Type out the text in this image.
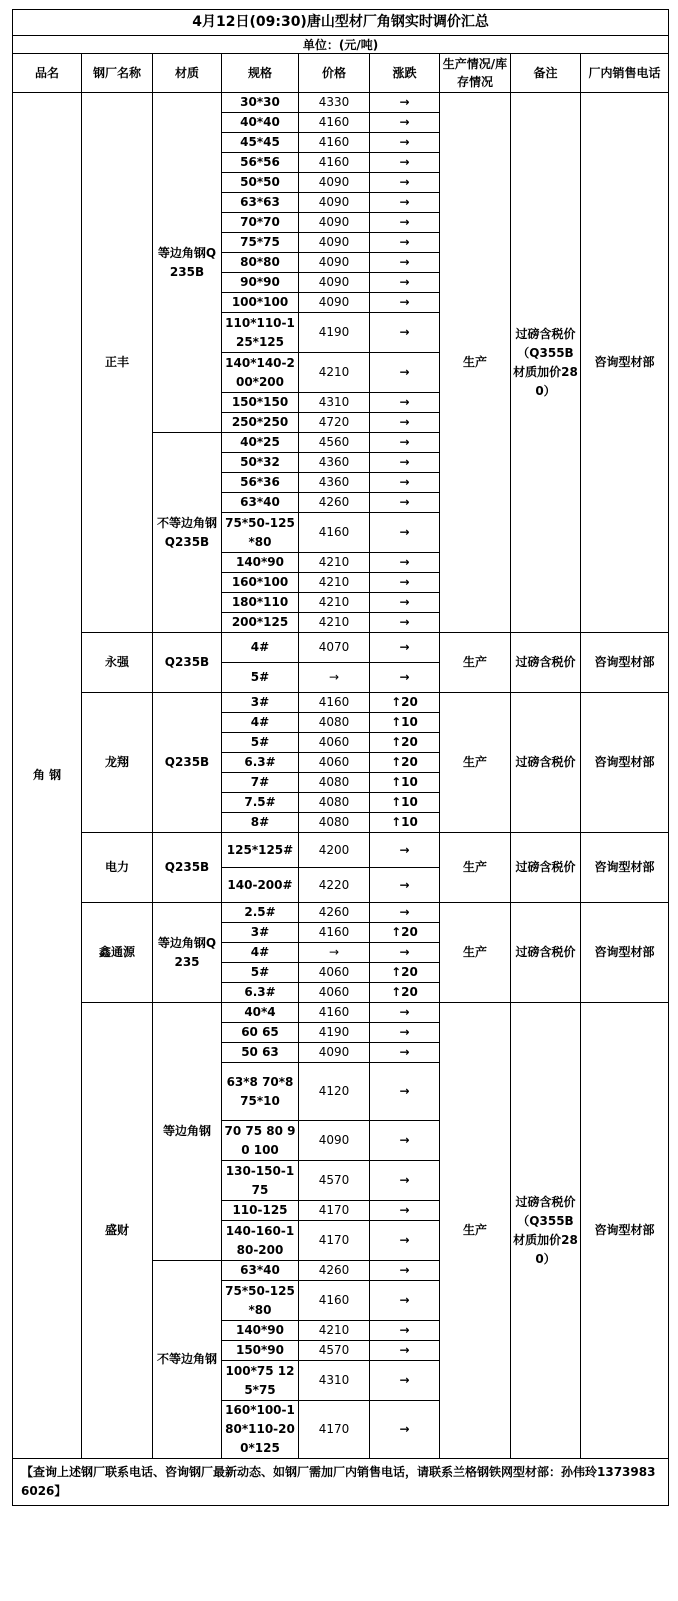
4月12日(09:30)唐山型材厂角钢实时调价汇总								
单位：(元/吨)								
品名	钢厂名称	材质	规格	价格	涨跌	生产情况/库存情况	备注	厂内销售电话
角 钢	正丰	等边角钢Q235B	30*30	4330	→	生产	过磅含税价（Q355B材质加价280）	咨询型材部
			40*40	4160	→			
			45*45	4160	→			
			56*56	4160	→			
			50*50	4090	→			
			63*63	4090	→			
			70*70	4090	→			
			75*75	4090	→			
			80*80	4090	→			
			90*90	4090	→			
			100*100	4090	→			
			110*110-125*125	4190	→			
			140*140-200*200	4210	→			
			150*150	4310	→			
			250*250	4720	→			
		不等边角钢Q235B	40*25	4560	→			
			50*32	4360	→			
			56*36	4360	→			
			63*40	4260	→			
			75*50-125*80	4160	→			
			140*90	4210	→			
			160*100	4210	→			
			180*110	4210	→			
			200*125	4210	→			
	永强	Q235B	4#	4070	→	生产	过磅含税价	咨询型材部
			5#	→	→			
	龙翔	Q235B	3#	4160	↑20	生产	过磅含税价	咨询型材部
			4#	4080	↑10			
			5#	4060	↑20			
			6.3#	4060	↑20			
			7#	4080	↑10			
			7.5#	4080	↑10			
			8#	4080	↑10			
	电力	Q235B	125*125#	4200	→	生产	过磅含税价	咨询型材部
			140-200#	4220	→			
	鑫通源	等边角钢Q235	2.5#	4260	→	生产	过磅含税价	咨询型材部
			3#	4160	↑20			
			4#	→	→			
			5#	4060	↑20			
			6.3#	4060	↑20			
	盛财	等边角钢	40*4	4160	→	生产	过磅含税价（Q355B材质加价280）	咨询型材部
			60 65	4190	→			
			50 63	4090	→			
			63*8 70*8 75*10	4120	→			
			70 75 80 90 100	4090	→			
			130-150-175	4570	→			
			110-125	4170	→			
			140-160-180-200	4170	→			
		不等边角钢	63*40	4260	→			
			75*50-125*80	4160	→			
			140*90	4210	→			
			150*90	4570	→			
			100*75 125*75	4310	→			
			160*100-180*110-200*125	4170	→			
【查询上述钢厂联系电话、咨询钢厂最新动态、如钢厂需加厂内销售电话，请联系兰格钢铁网型材部：孙伟玲13739836026】								
